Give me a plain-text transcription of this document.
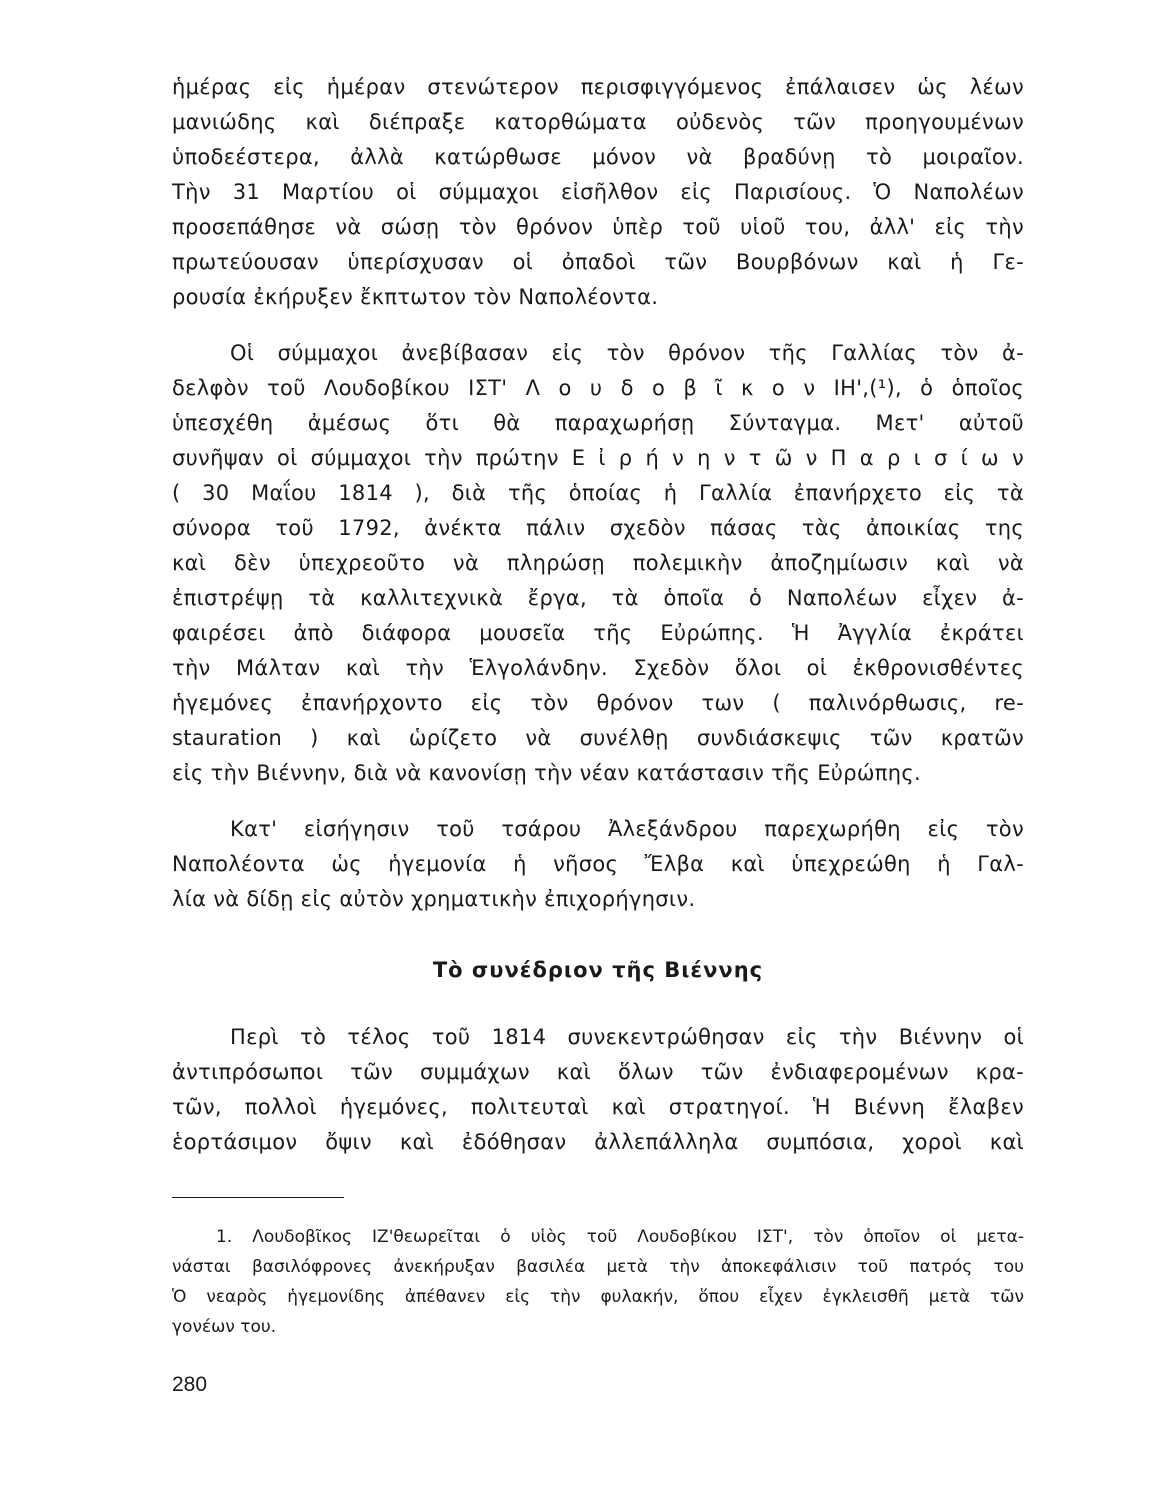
ἡμέρας εἰς ἡμέραν στενώτερον περισφιγγόμενος ἐπάλαισεν ὡς λέων
μανιώδης καὶ διέπραξε κατορθώματα οὐδενὸς τῶν προηγουμένων
ὑποδεέστερα, ἀλλὰ κατώρθωσε μόνον νὰ βραδύνῃ τὸ μοιραῖον.
Τὴν 31 Μαρτίου οἱ σύμμαχοι εἰσῆλθον εἰς Παρισίους. Ὁ Ναπολέων
προσεπάθησε νὰ σώσῃ τὸν θρόνον ὑπὲρ τοῦ υἱοῦ του, ἀλλ' εἰς τὴν
πρωτεύουσαν ὑπερίσχυσαν οἱ ὀπαδοὶ τῶν Βουρβόνων καὶ ἡ Γε-
ρουσία ἐκήρυξεν ἔκπτωτον τὸν Ναπολέοντα.
Οἱ σύμμαχοι ἀνεβίβασαν εἰς τὸν θρόνον τῆς Γαλλίας τὸν ἀ-
δελφὸν τοῦ Λουδοβίκου ΙΣΤ' Λ ο υ δ ο β ῖ κ ο ν ΙΗ',(¹), ὁ ὁποῖος
ὑπεσχέθη ἀμέσως ὅτι θὰ παραχωρήσῃ Σύνταγμα. Μετ' αὐτοῦ
συνῆψαν οἱ σύμμαχοι τὴν πρώτην Ε ἰ ρ ή ν η ν τ ῶ ν Π α ρ ι σ ί ω ν
( 30 Μαΐου 1814 ), διὰ τῆς ὁποίας ἡ Γαλλία ἐπανήρχετο εἰς τὰ
σύνορα τοῦ 1792, ἀνέκτα πάλιν σχεδὸν πάσας τὰς ἀποικίας της
καὶ δὲν ὑπεχρεοῦτο νὰ πληρώσῃ πολεμικὴν ἀποζημίωσιν καὶ νὰ
ἐπιστρέψῃ τὰ καλλιτεχνικὰ ἔργα, τὰ ὁποῖα ὁ Ναπολέων εἶχεν ἀ-
φαιρέσει ἀπὸ διάφορα μουσεῖα τῆς Εὐρώπης. Ἡ Ἀγγλία ἐκράτει
τὴν Μάλταν καὶ τὴν Ἑλγολάνδην. Σχεδὸν ὅλοι οἱ ἐκθρονισθέντες
ἡγεμόνες ἐπανήρχοντο εἰς τὸν θρόνον των ( παλινόρθωσις, re-
stauration ) καὶ ὡρίζετο νὰ συνέλθῃ συνδιάσκεψις τῶν κρατῶν
εἰς τὴν Βιέννην, διὰ νὰ κανονίσῃ τὴν νέαν κατάστασιν τῆς Εὐρώπης.
Κατ' εἰσήγησιν τοῦ τσάρου Ἀλεξάνδρου παρεχωρήθη εἰς τὸν
Ναπολέοντα ὡς ἡγεμονία ἡ νῆσος Ἔλβα καὶ ὑπεχρεώθη ἡ Γαλ-
λία νὰ δίδῃ εἰς αὐτὸν χρηματικὴν ἐπιχορήγησιν.
Τὸ συνέδριον τῆς Βιέννης
Περὶ τὸ τέλος τοῦ 1814 συνεκεντρώθησαν εἰς τὴν Βιέννην οἱ
ἀντιπρόσωποι τῶν συμμάχων καὶ ὅλων τῶν ἐνδιαφερομένων κρα-
τῶν, πολλοὶ ἡγεμόνες, πολιτευταὶ καὶ στρατηγοί. Ἡ Βιέννη ἔλαβεν
ἑορτάσιμον ὄψιν καὶ ἐδόθησαν ἀλλεπάλληλα συμπόσια, χοροὶ καὶ
1. Λουδοβῖκος ΙΖ'θεωρεῖται ὁ υἱὸς τοῦ Λουδοβίκου ΙΣΤ', τὸν ὁποῖον οἱ μετα-
νάσται βασιλόφρονες ἀνεκήρυξαν βασιλέα μετὰ τὴν ἀποκεφάλισιν τοῦ πατρός του
Ὁ νεαρὸς ἡγεμονίδης ἀπέθανεν εἰς τὴν φυλακήν, ὅπου εἶχεν ἐγκλεισθῆ μετὰ τῶν
γονέων του.
280
